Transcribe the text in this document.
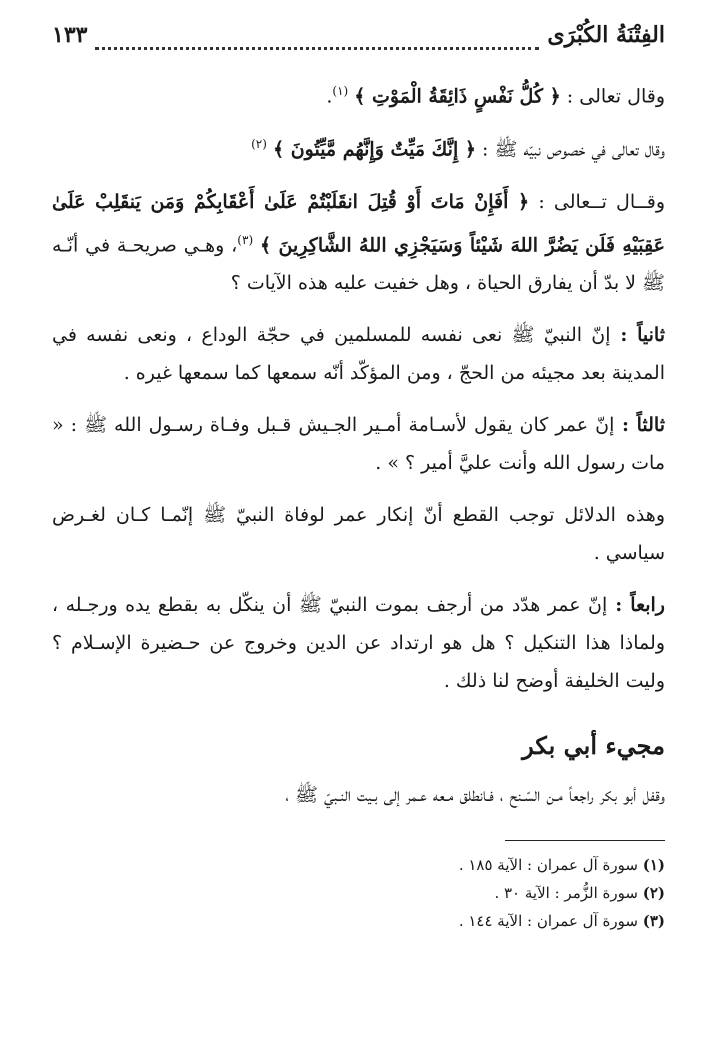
الفِتْنَةُ الكُبْرَى
١٣٣

وقال تعالى : ﴿ كُلُّ نَفْسٍ ذَائِقَةُ الْمَوْتِ ﴾ $^{(١)}$.

وقال تعالى في خصوص نبيّه ﷺ : ﴿ إِنَّكَ مَيِّتٌ وَإِنَّهُم مَّيِّتُونَ ﴾ $^{(٢)}$

وقــال تــعالى : ﴿ أَفَإِنْ مَاتَ أَوْ قُتِلَ انقَلَبْتُمْ عَلَىٰ أَعْقَابِكُمْ وَمَن يَنقَلِبْ عَلَىٰ عَقِبَيْهِ فَلَن يَضُرَّ اللهَ شَيْئاً وَسَيَجْزِي اللهُ الشَّاكِرِينَ ﴾ $^{(٣)}$، وهـي صريحـة في أنّـه ﷺ لا بدّ أن يفارق الحياة ، وهل خفيت عليه هذه الآيات ؟

ثانياً : إنّ النبيّ ﷺ نعى نفسه للمسلمين في حجّة الوداع ، ونعى نفسه في المدينة بعد مجيئه من الحجّ ، ومن المؤكّد أنّه سمعها كما سمعها غيره .

ثالثاً : إنّ عمر كان يقول لأسـامة أمـير الجـيش قـبل وفـاة رسـول الله ﷺ : « مات رسول الله وأنت عليَّ أمير ؟ » .

وهذه الدلائل توجب القطع أنّ إنكار عمر لوفاة النبيّ ﷺ إنّمـا كـان لغـرض سياسي .

رابعاً : إنّ عمر هدّد من أرجف بموت النبيّ ﷺ أن ينكّل به بقطع يده ورجـله ، ولماذا هذا التنكيل ؟ هل هو ارتداد عن الدين وخروج عن حـضيرة الإسـلام ؟ وليت الخليفة أوضح لنا ذلك .

مجيء أبي بكر

وقفل أبو بكر راجعاً مـن السّـنح ، فـانطلق مـعه عـمر إلى بـيت النـبيّ ﷺ ،

(١) سورة آل عمران : الآية ١٨٥ .

(٢) سورة الزُّمر : الآية ٣٠ .

(٣) سورة آل عمران : الآية ١٤٤ .
